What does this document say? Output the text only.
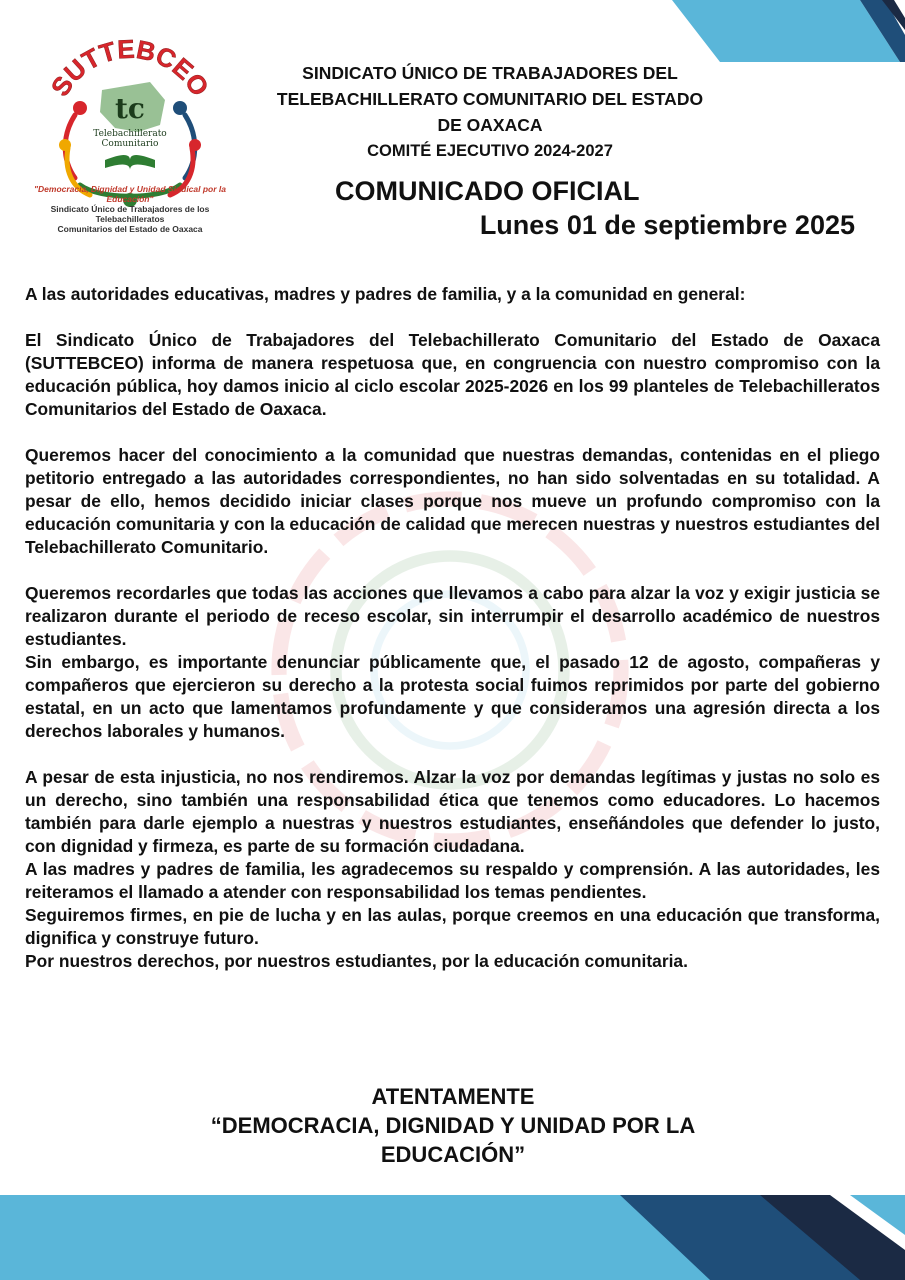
SUTTEBCEO
tc
Telebachillerato
Comunitario
"Democracia, Dignidad y Unidad Sindical por la Educación"
Sindicato Único de Trabajadores de los Telebachilleratos
Comunitarios del Estado de Oaxaca
SINDICATO ÚNICO DE TRABAJADORES DEL
TELEBACHILLERATO COMUNITARIO DEL ESTADO
DE OAXACA
COMITÉ EJECUTIVO 2024-2027
COMUNICADO OFICIAL
Lunes 01 de septiembre 2025

A las autoridades educativas, madres y padres de familia, y a la comunidad en general:

El Sindicato Único de Trabajadores del Telebachillerato Comunitario del Estado de Oaxaca (SUTTEBCEO) informa de manera respetuosa que, en congruencia con nuestro compromiso con la educación pública, hoy damos inicio al ciclo escolar 2025-2026 en los 99 planteles de Telebachilleratos Comunitarios del Estado de Oaxaca.

Queremos hacer del conocimiento a la comunidad que nuestras demandas, contenidas en el pliego petitorio entregado a las autoridades correspondientes, no han sido solventadas en su totalidad. A pesar de ello, hemos decidido iniciar clases porque nos mueve un profundo compromiso con la educación comunitaria y con la educación de calidad que merecen nuestras y nuestros estudiantes del Telebachillerato Comunitario.

Queremos recordarles que todas las acciones que llevamos a cabo para alzar la voz y exigir justicia se realizaron durante el periodo de receso escolar, sin interrumpir el desarrollo académico de nuestros estudiantes.

Sin embargo, es importante denunciar públicamente que, el pasado 12 de agosto, compañeras y compañeros que ejercieron su derecho a la protesta social fuimos reprimidos por parte del gobierno estatal, en un acto que lamentamos profundamente y que consideramos una agresión directa a los derechos laborales y humanos.

A pesar de esta injusticia, no nos rendiremos. Alzar la voz por demandas legítimas y justas no solo es un derecho, sino también una responsabilidad ética que tenemos como educadores. Lo hacemos también para darle ejemplo a nuestras y nuestros estudiantes, enseñándoles que defender lo justo, con dignidad y firmeza, es parte de su formación ciudadana.

A las madres y padres de familia, les agradecemos su respaldo y comprensión. A las autoridades, les reiteramos el llamado a atender con responsabilidad los temas pendientes.

Seguiremos firmes, en pie de lucha y en las aulas, porque creemos en una educación que transforma, dignifica y construye futuro.

Por nuestros derechos, por nuestros estudiantes, por la educación comunitaria.

ATENTAMENTE
“DEMOCRACIA, DIGNIDAD Y UNIDAD POR LA
EDUCACIÓN”
